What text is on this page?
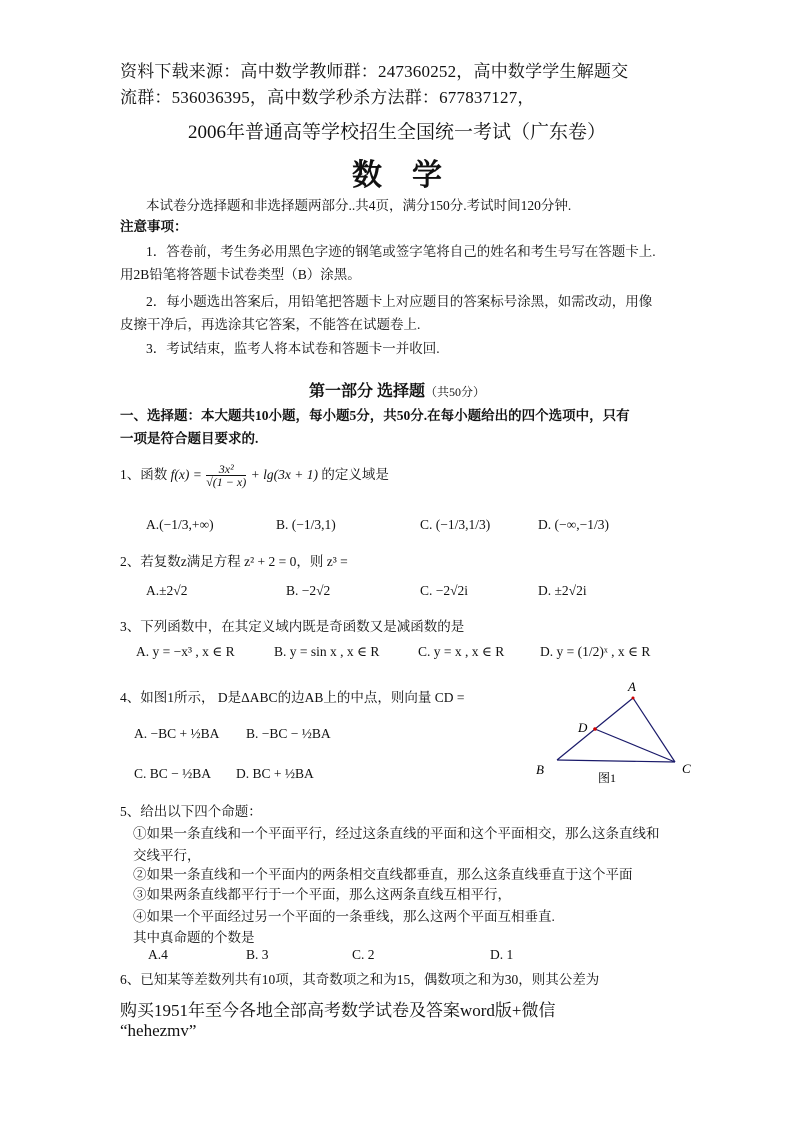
资料下载来源：高中数学教师群：247360252，高中数学学生解题交
流群：536036395，高中数学秒杀方法群：677837127，
2006年普通高等学校招生全国统一考试（广东卷）
数学
本试卷分选择题和非选择题两部分..共4页，满分150分.考试时间120分钟.
注意事项：
1．答卷前，考生务必用黑色字迹的钢笔或签字笔将自己的姓名和考生号写在答题卡上.
用2B铅笔将答题卡试卷类型（B）涂黑。
2．每小题选出答案后，用铅笔把答题卡上对应题目的答案标号涂黑，如需改动，用像
皮擦干净后，再选涂其它答案，不能答在试题卷上.
3．考试结束，监考人将本试卷和答题卡一并收回.
第一部分 选择题（共50分）
一、选择题：本大题共10小题，每小题5分，共50分.在每小题给出的四个选项中，只有
一项是符合题目要求的.
1、函数 $f(x) = \frac{\text{3x²}}{√(1 - x)} + \lg(3x + 1)$ 的定义域是
A.(−1/3,+∞)	B. (−1/3,1)	C. (−1/3,1/3)	D. (−∞,−1/3)
2、若复数z满足方程 z² + 2 = 0，则 z³ =
A.±2√2	B. −2√2	C. −2√2i	D. ±2√2i
3、下列函数中，在其定义域内既是奇函数又是减函数的是
A. y = −x³ , x ∈ R	B. y = sin x , x ∈ R	C. y = x , x ∈ R	D. y = (1/2)ˣ , x ∈ R
4、如图1所示， D是ΔABC的边AB上的中点，则向量 CD =
A. −BC + ½BA B. −BC − ½BA
C. BC − ½BA D. BC + ½BA
A
B	C
D
图1
5、给出以下四个命题：
①如果一条直线和一个平面平行，经过这条直线的平面和这个平面相交，那么这条直线和
交线平行，
②如果一条直线和一个平面内的两条相交直线都垂直，那么这条直线垂直于这个平面
③如果两条直线都平行于一个平面，那么这两条直线互相平行，
④如果一个平面经过另一个平面的一条垂线，那么这两个平面互相垂直.
其中真命题的个数是
A.4	B. 3	C. 2	D. 1
6、已知某等差数列共有10项，其奇数项之和为15，偶数项之和为30，则其公差为
购买1951年至今各地全部高考数学试卷及答案word版+微信
“hehezmv”
